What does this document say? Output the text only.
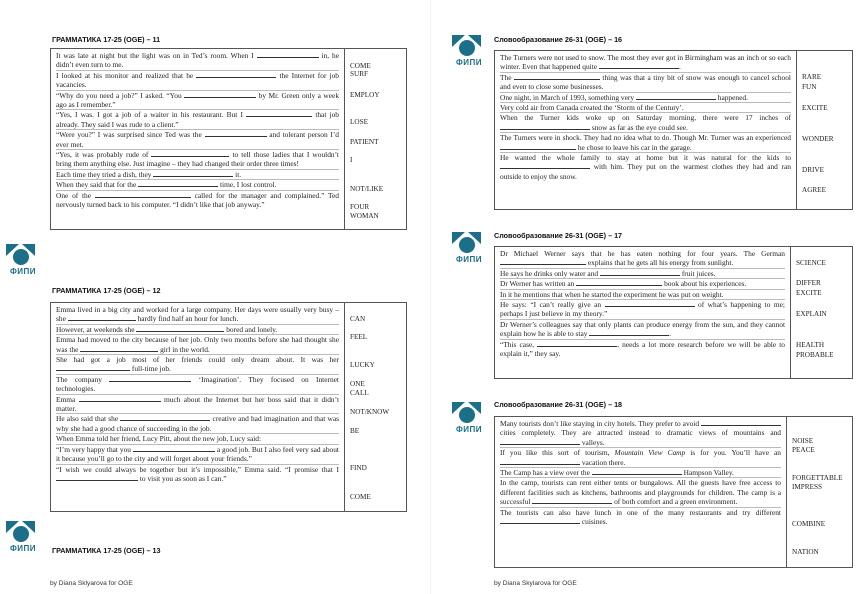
ФИПИ
ФИПИ
ГРАММАТИКА 17-25 (OGE) – 11

It was late at night but the light was on in Ted’s room. When I	in, he didn’t even turn to me.

I looked at his monitor and realized that he	the Internet for job vacancies.

“Why do you need a job?” I asked. “You	by Mr. Green only a week ago as I remember.”

“Yes, I was. I got a job of a waiter in his restaurant. But I	that job already. They said I was rude to a client.”

“Were you?” I was surprised since Ted was the	and tolerant person I’d ever met.

“Yes, it was probably rude of	to tell those ladies that I wouldn’t bring them anything else. Just imagine – they had changed their order three times!

Each time they tried a dish, they	it.

When they said that for the	time, I lost control.

One of the	called for the manager and complained.” Ted nervously turned back to his computer. “I didn’t like that job anyway.”

COME
SURF
EMPLOY
LOSE
PATIENT
I
NOT/LIKE
FOUR
WOMAN
ГРАММАТИКА 17-25 (OGE) – 12

Emma lived in a big city and worked for a large company. Her days were usually very busy – she	hardly find half an hour for lunch.

However, at weekends she	bored and lonely.

Emma had moved to the city because of her job. Only two months before she had thought she was the	girl in the world.

She had got a job most of her friends could only dream about. It was her  full-time job.

The company	‘Imagination’. They focused on Internet technologies.

Emma	much about the Internet but her boss said that it didn’t matter.

He also said that she	creative and had imagination and that was why she had a good chance of succeeding in the job.

When Emma told her friend, Lucy Pitt, about the new job, Lucy said:

“I’m very happy that you	a good job. But I also feel very sad about it because you’ll go to the city and will forget about your friends.”

“I wish we could always be together but it’s impossible,” Emma said. “I promise that I  to visit you as soon as I can.”

CAN
FEEL
LUCKY
ONE
CALL
NOT/KNOW
BE
FIND
COME
ГРАММАТИКА 17-25 (OGE) – 13
by Diana Sklyarova for OGE
ФИПИ
ФИПИ
ФИПИ
Словообразование 26-31 (OGE) – 16

The Turners were not used to snow. The most they ever got in Birmingham was an inch or so each winter. Even that happened quite	.

The	thing was that a tiny bit of snow was enough to cancel school and even to close some businesses.

One night, in March of 1993, something very	happened.

Very cold air from Canada created the ‘Storm of the Century’.

When the Turner kids woke up on Saturday morning, there were 17 inches of  snow as far as the eye could see.

The Turners were in shock. They had no idea what to do. Though Mr. Turner was an experienced  he chose to leave his car in the garage.

He wanted the whole family to stay at home but it was natural for the kids to  with him. They put on the warmest clothes they had and ran outside to enjoy the snow.

RARE
FUN
EXCITE
WONDER
DRIVE
AGREE
Словообразование 26-31 (OGE) – 17

Dr Michael Werner says that he has eaten nothing for four years. The German  explains that he gets all his energy from sunlight.

He says he drinks only water and	fruit juices.

Dr Werner has written an	book about his experiences.

In it he mentions that when he started the experiment he was put on weight.

He says: “I can’t really give an	of what’s happening to me; perhaps I just believe in my theory.”

Dr Werner’s colleagues say that only plants can produce energy from the sun, and they cannot explain how he is able to stay	.

“This case,	, needs a lot more research before we will be able to explain it,” they say.

SCIENCE
DIFFER
EXCITE
EXPLAIN
HEALTH
PROBABLE
Словообразование 26-31 (OGE) – 18

Many tourists don’t like staying in city hotels. They prefer to avoid  cities completely. They are attracted instead to dramatic views of mountains and  valleys.

If you like this sort of tourism, Mountain View Camp is for you. You’ll have an  vacation there.

The Camp has a view over the	Hampson Valley.

In the camp, tourists can rent either tents or bungalows. All the guests have free access to different facilities such as kitchens, bathrooms and playgrounds for children. The camp is a successful	of both comfort and a green environment.

The tourists can also have lunch in one of the many restaurants and try different  cuisines.

NOISE
PEACE
FORGETTABLE
IMPRESS
COMBINE
NATION
by Diana Skylarova for OGE
